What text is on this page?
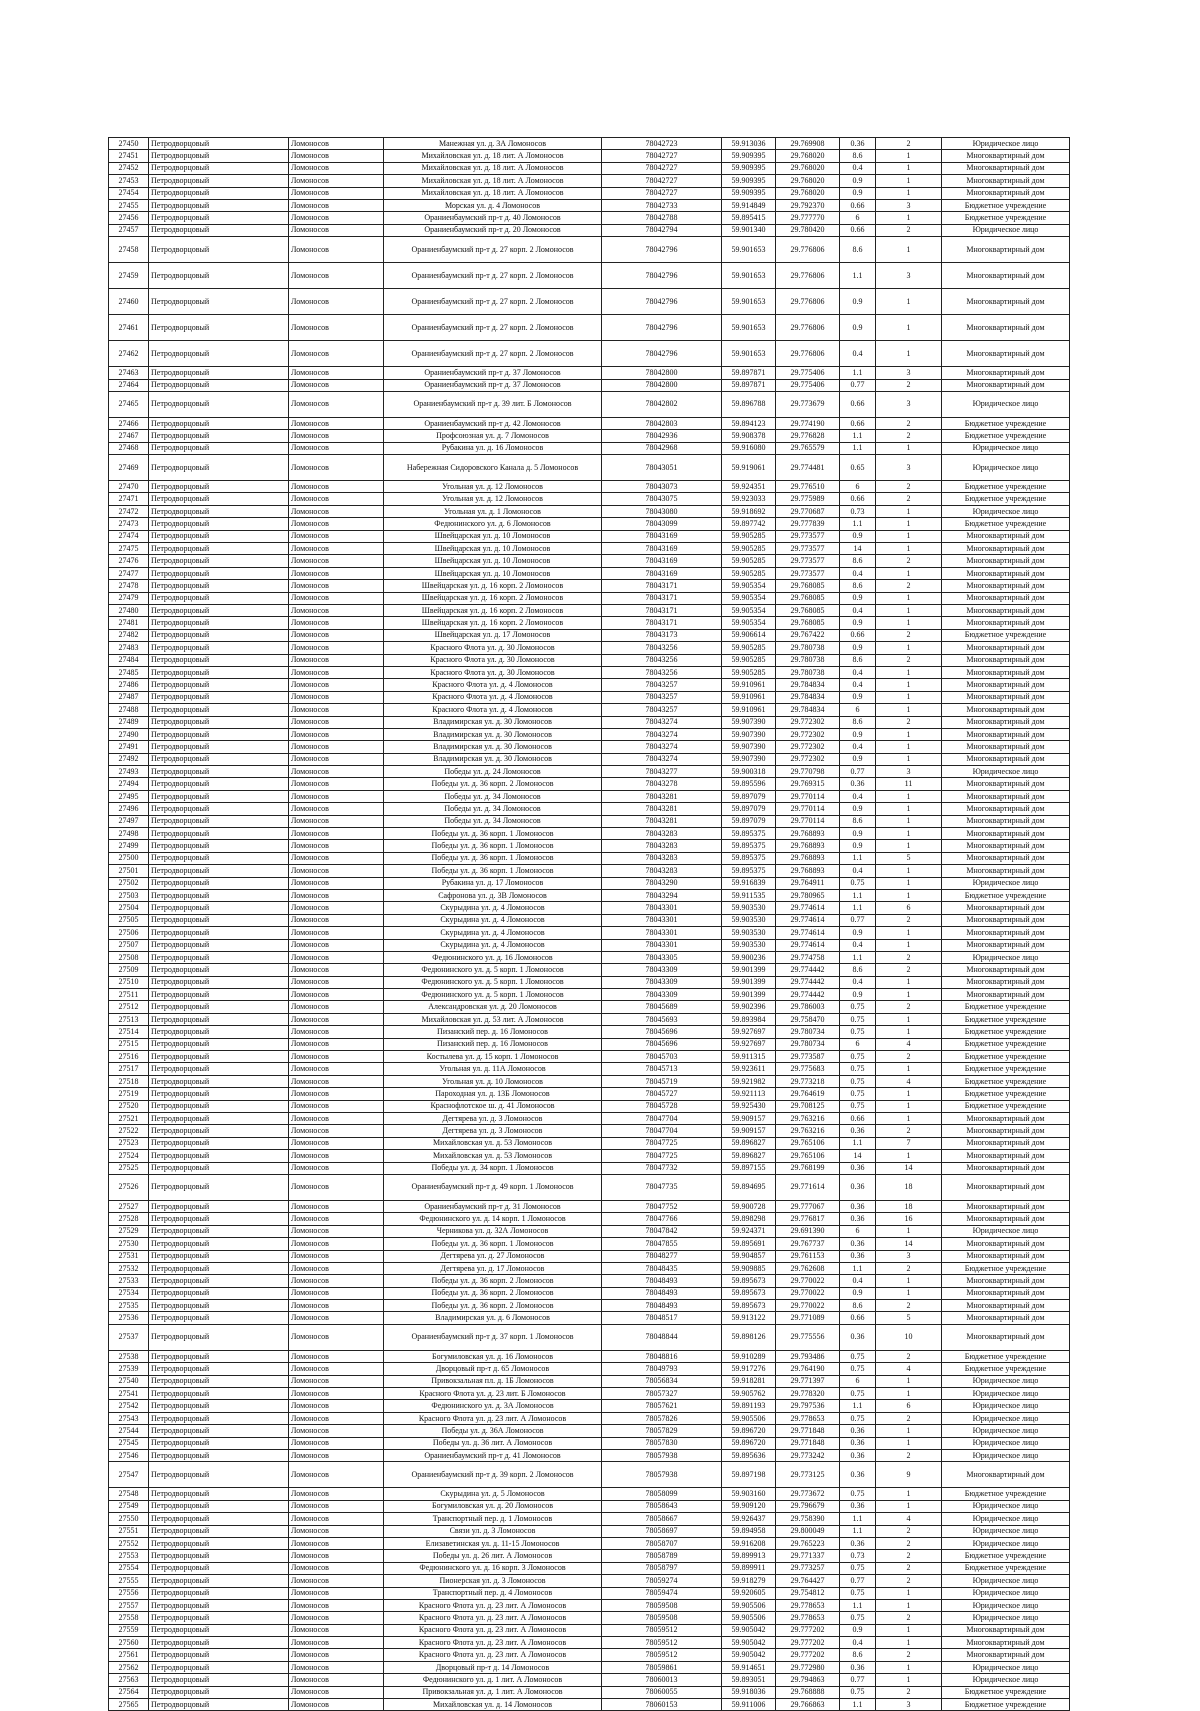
27450	Петродворцовый	Ломоносов	Манежная ул. д. 3А Ломоносов	78042723	59.913036	29.769908	0.36	2	Юридическое лицо
27451	Петродворцовый	Ломоносов	Михайловская ул. д. 18 лит. А Ломоносов	78042727	59.909395	29.768020	8.6	1	Многоквартирный дом
27452	Петродворцовый	Ломоносов	Михайловская ул. д. 18 лит. А Ломоносов	78042727	59.909395	29.768020	0.4	1	Многоквартирный дом
27453	Петродворцовый	Ломоносов	Михайловская ул. д. 18 лит. А Ломоносов	78042727	59.909395	29.768020	0.9	1	Многоквартирный дом
27454	Петродворцовый	Ломоносов	Михайловская ул. д. 18 лит. А Ломоносов	78042727	59.909395	29.768020	0.9	1	Многоквартирный дом
27455	Петродворцовый	Ломоносов	Морская ул. д. 4 Ломоносов	78042733	59.914849	29.792370	0.66	3	Бюджетное учреждение
27456	Петродворцовый	Ломоносов	Ораниенбаумский пр-т д. 40 Ломоносов	78042788	59.895415	29.777770	6	1	Бюджетное учреждение
27457	Петродворцовый	Ломоносов	Ораниенбаумский пр-т д. 20 Ломоносов	78042794	59.901340	29.780420	0.66	2	Юридическое лицо
27458	Петродворцовый	Ломоносов	Ораниенбаумский пр-т д. 27 корп. 2 Ломоносов	78042796	59.901653	29.776806	8.6	1	Многоквартирный дом
27459	Петродворцовый	Ломоносов	Ораниенбаумский пр-т д. 27 корп. 2 Ломоносов	78042796	59.901653	29.776806	1.1	3	Многоквартирный дом
27460	Петродворцовый	Ломоносов	Ораниенбаумский пр-т д. 27 корп. 2 Ломоносов	78042796	59.901653	29.776806	0.9	1	Многоквартирный дом
27461	Петродворцовый	Ломоносов	Ораниенбаумский пр-т д. 27 корп. 2 Ломоносов	78042796	59.901653	29.776806	0.9	1	Многоквартирный дом
27462	Петродворцовый	Ломоносов	Ораниенбаумский пр-т д. 27 корп. 2 Ломоносов	78042796	59.901653	29.776806	0.4	1	Многоквартирный дом
27463	Петродворцовый	Ломоносов	Ораниенбаумский пр-т д. 37 Ломоносов	78042800	59.897871	29.775406	1.1	3	Многоквартирный дом
27464	Петродворцовый	Ломоносов	Ораниенбаумский пр-т д. 37 Ломоносов	78042800	59.897871	29.775406	0.77	2	Многоквартирный дом
27465	Петродворцовый	Ломоносов	Ораниенбаумский пр-т д. 39 лит. Б Ломоносов	78042802	59.896788	29.773679	0.66	3	Юридическое лицо
27466	Петродворцовый	Ломоносов	Ораниенбаумский пр-т д. 42 Ломоносов	78042803	59.894123	29.774190	0.66	2	Бюджетное учреждение
27467	Петродворцовый	Ломоносов	Профсоюзная ул. д. 7 Ломоносов	78042936	59.908378	29.776828	1.1	2	Бюджетное учреждение
27468	Петродворцовый	Ломоносов	Рубакина ул. д. 16 Ломоносов	78042968	59.916080	29.765579	1.1	1	Юридическое лицо
27469	Петродворцовый	Ломоносов	Набережная Сидоровского Канала д. 5 Ломоносов	78043051	59.919061	29.774481	0.65	3	Юридическое лицо
27470	Петродворцовый	Ломоносов	Угольная ул. д. 12 Ломоносов	78043073	59.924351	29.776510	6	2	Бюджетное учреждение
27471	Петродворцовый	Ломоносов	Угольная ул. д. 12 Ломоносов	78043075	59.923033	29.775989	0.66	2	Бюджетное учреждение
27472	Петродворцовый	Ломоносов	Угольная ул. д. 1 Ломоносов	78043080	59.918692	29.770687	0.73	1	Юридическое лицо
27473	Петродворцовый	Ломоносов	Федюнинского ул. д. 6 Ломоносов	78043099	59.897742	29.777839	1.1	1	Бюджетное учреждение
27474	Петродворцовый	Ломоносов	Швейцарская ул. д. 10 Ломоносов	78043169	59.905285	29.773577	0.9	1	Многоквартирный дом
27475	Петродворцовый	Ломоносов	Швейцарская ул. д. 10 Ломоносов	78043169	59.905285	29.773577	14	1	Многоквартирный дом
27476	Петродворцовый	Ломоносов	Швейцарская ул. д. 10 Ломоносов	78043169	59.905285	29.773577	8.6	2	Многоквартирный дом
27477	Петродворцовый	Ломоносов	Швейцарская ул. д. 10 Ломоносов	78043169	59.905285	29.773577	0.4	1	Многоквартирный дом
27478	Петродворцовый	Ломоносов	Швейцарская ул. д. 16 корп. 2 Ломоносов	78043171	59.905354	29.768085	8.6	2	Многоквартирный дом
27479	Петродворцовый	Ломоносов	Швейцарская ул. д. 16 корп. 2 Ломоносов	78043171	59.905354	29.768085	0.9	1	Многоквартирный дом
27480	Петродворцовый	Ломоносов	Швейцарская ул. д. 16 корп. 2 Ломоносов	78043171	59.905354	29.768085	0.4	1	Многоквартирный дом
27481	Петродворцовый	Ломоносов	Швейцарская ул. д. 16 корп. 2 Ломоносов	78043171	59.905354	29.768085	0.9	1	Многоквартирный дом
27482	Петродворцовый	Ломоносов	Швейцарская ул. д. 17 Ломоносов	78043173	59.906614	29.767422	0.66	2	Бюджетное учреждение
27483	Петродворцовый	Ломоносов	Красного Флота ул. д. 30 Ломоносов	78043256	59.905285	29.780738	0.9	1	Многоквартирный дом
27484	Петродворцовый	Ломоносов	Красного Флота ул. д. 30 Ломоносов	78043256	59.905285	29.780738	8.6	2	Многоквартирный дом
27485	Петродворцовый	Ломоносов	Красного Флота ул. д. 30 Ломоносов	78043256	59.905285	29.780738	0.4	1	Многоквартирный дом
27486	Петродворцовый	Ломоносов	Красного Флота ул. д. 4 Ломоносов	78043257	59.910961	29.784834	0.4	1	Многоквартирный дом
27487	Петродворцовый	Ломоносов	Красного Флота ул. д. 4 Ломоносов	78043257	59.910961	29.784834	0.9	1	Многоквартирный дом
27488	Петродворцовый	Ломоносов	Красного Флота ул. д. 4 Ломоносов	78043257	59.910961	29.784834	6	1	Многоквартирный дом
27489	Петродворцовый	Ломоносов	Владимирская ул. д. 30 Ломоносов	78043274	59.907390	29.772302	8.6	2	Многоквартирный дом
27490	Петродворцовый	Ломоносов	Владимирская ул. д. 30 Ломоносов	78043274	59.907390	29.772302	0.9	1	Многоквартирный дом
27491	Петродворцовый	Ломоносов	Владимирская ул. д. 30 Ломоносов	78043274	59.907390	29.772302	0.4	1	Многоквартирный дом
27492	Петродворцовый	Ломоносов	Владимирская ул. д. 30 Ломоносов	78043274	59.907390	29.772302	0.9	1	Многоквартирный дом
27493	Петродворцовый	Ломоносов	Победы ул. д. 24 Ломоносов	78043277	59.900318	29.770798	0.77	3	Юридическое лицо
27494	Петродворцовый	Ломоносов	Победы ул. д. 36 корп. 2 Ломоносов	78043278	59.895596	29.769315	0.36	11	Многоквартирный дом
27495	Петродворцовый	Ломоносов	Победы ул. д. 34 Ломоносов	78043281	59.897079	29.770114	0.4	1	Многоквартирный дом
27496	Петродворцовый	Ломоносов	Победы ул. д. 34 Ломоносов	78043281	59.897079	29.770114	0.9	1	Многоквартирный дом
27497	Петродворцовый	Ломоносов	Победы ул. д. 34 Ломоносов	78043281	59.897079	29.770114	8.6	1	Многоквартирный дом
27498	Петродворцовый	Ломоносов	Победы ул. д. 36 корп. 1 Ломоносов	78043283	59.895375	29.768893	0.9	1	Многоквартирный дом
27499	Петродворцовый	Ломоносов	Победы ул. д. 36 корп. 1 Ломоносов	78043283	59.895375	29.768893	0.9	1	Многоквартирный дом
27500	Петродворцовый	Ломоносов	Победы ул. д. 36 корп. 1 Ломоносов	78043283	59.895375	29.768893	1.1	5	Многоквартирный дом
27501	Петродворцовый	Ломоносов	Победы ул. д. 36 корп. 1 Ломоносов	78043283	59.895375	29.768893	0.4	1	Многоквартирный дом
27502	Петродворцовый	Ломоносов	Рубакина ул. д. 17 Ломоносов	78043290	59.916839	29.764911	0.75	1	Юридическое лицо
27503	Петродворцовый	Ломоносов	Сафронова ул. д. 3В Ломоносов	78043294	59.911535	29.780965	1.1	1	Бюджетное учреждение
27504	Петродворцовый	Ломоносов	Скурыдина ул. д. 4 Ломоносов	78043301	59.903530	29.774614	1.1	6	Многоквартирный дом
27505	Петродворцовый	Ломоносов	Скурыдина ул. д. 4 Ломоносов	78043301	59.903530	29.774614	0.77	2	Многоквартирный дом
27506	Петродворцовый	Ломоносов	Скурыдина ул. д. 4 Ломоносов	78043301	59.903530	29.774614	0.9	1	Многоквартирный дом
27507	Петродворцовый	Ломоносов	Скурыдина ул. д. 4 Ломоносов	78043301	59.903530	29.774614	0.4	1	Многоквартирный дом
27508	Петродворцовый	Ломоносов	Федюнинского ул. д. 16 Ломоносов	78043305	59.900236	29.774758	1.1	2	Юридическое лицо
27509	Петродворцовый	Ломоносов	Федюнинского ул. д. 5 корп. 1 Ломоносов	78043309	59.901399	29.774442	8.6	2	Многоквартирный дом
27510	Петродворцовый	Ломоносов	Федюнинского ул. д. 5 корп. 1 Ломоносов	78043309	59.901399	29.774442	0.4	1	Многоквартирный дом
27511	Петродворцовый	Ломоносов	Федюнинского ул. д. 5 корп. 1 Ломоносов	78043309	59.901399	29.774442	0.9	1	Многоквартирный дом
27512	Петродворцовый	Ломоносов	Александровская ул. д. 20 Ломоносов	78045689	59.902396	29.786003	0.75	2	Бюджетное учреждение
27513	Петродворцовый	Ломоносов	Михайловская ул. д. 53 лит. А Ломоносов	78045693	59.893984	29.758470	0.75	1	Бюджетное учреждение
27514	Петродворцовый	Ломоносов	Пизанский пер. д. 16 Ломоносов	78045696	59.927697	29.780734	0.75	1	Бюджетное учреждение
27515	Петродворцовый	Ломоносов	Пизанский пер. д. 16 Ломоносов	78045696	59.927697	29.780734	6	4	Бюджетное учреждение
27516	Петродворцовый	Ломоносов	Костылева ул. д. 15 корп. 1 Ломоносов	78045703	59.911315	29.773587	0.75	2	Бюджетное учреждение
27517	Петродворцовый	Ломоносов	Угольная ул. д. 11А Ломоносов	78045713	59.923611	29.775683	0.75	1	Бюджетное учреждение
27518	Петродворцовый	Ломоносов	Угольная ул. д. 10 Ломоносов	78045719	59.921982	29.773218	0.75	4	Бюджетное учреждение
27519	Петродворцовый	Ломоносов	Пароходная ул. д. 13Б Ломоносов	78045727	59.921113	29.764619	0.75	1	Бюджетное учреждение
27520	Петродворцовый	Ломоносов	Краснофлотское ш. д. 41 Ломоносов	78045728	59.925430	29.708125	0.75	1	Бюджетное учреждение
27521	Петродворцовый	Ломоносов	Дегтярева ул. д. 3 Ломоносов	78047704	59.909157	29.763216	0.66	1	Многоквартирный дом
27522	Петродворцовый	Ломоносов	Дегтярева ул. д. 3 Ломоносов	78047704	59.909157	29.763216	0.36	2	Многоквартирный дом
27523	Петродворцовый	Ломоносов	Михайловская ул. д. 53 Ломоносов	78047725	59.896827	29.765106	1.1	7	Многоквартирный дом
27524	Петродворцовый	Ломоносов	Михайловская ул. д. 53 Ломоносов	78047725	59.896827	29.765106	14	1	Многоквартирный дом
27525	Петродворцовый	Ломоносов	Победы ул. д. 34 корп. 1 Ломоносов	78047732	59.897155	29.768199	0.36	14	Многоквартирный дом
27526	Петродворцовый	Ломоносов	Ораниенбаумский пр-т д. 49 корп. 1 Ломоносов	78047735	59.894695	29.771614	0.36	18	Многоквартирный дом
27527	Петродворцовый	Ломоносов	Ораниенбаумский пр-т д. 31 Ломоносов	78047752	59.900728	29.777067	0.36	18	Многоквартирный дом
27528	Петродворцовый	Ломоносов	Федюнинского ул. д. 14 корп. 1 Ломоносов	78047766	59.898298	29.776817	0.36	16	Многоквартирный дом
27529	Петродворцовый	Ломоносов	Черникова ул. д. 32А Ломоносов	78047842	59.924371	29.691390	6	1	Юридическое лицо
27530	Петродворцовый	Ломоносов	Победы ул. д. 36 корп. 1 Ломоносов	78047855	59.895691	29.767737	0.36	14	Многоквартирный дом
27531	Петродворцовый	Ломоносов	Дегтярева ул. д. 27 Ломоносов	78048277	59.904857	29.761153	0.36	3	Многоквартирный дом
27532	Петродворцовый	Ломоносов	Дегтярева ул. д. 17 Ломоносов	78048435	59.909885	29.762608	1.1	2	Бюджетное учреждение
27533	Петродворцовый	Ломоносов	Победы ул. д. 36 корп. 2 Ломоносов	78048493	59.895673	29.770022	0.4	1	Многоквартирный дом
27534	Петродворцовый	Ломоносов	Победы ул. д. 36 корп. 2 Ломоносов	78048493	59.895673	29.770022	0.9	1	Многоквартирный дом
27535	Петродворцовый	Ломоносов	Победы ул. д. 36 корп. 2 Ломоносов	78048493	59.895673	29.770022	8.6	2	Многоквартирный дом
27536	Петродворцовый	Ломоносов	Владимирская ул. д. 6 Ломоносов	78048517	59.913122	29.771089	0.66	5	Многоквартирный дом
27537	Петродворцовый	Ломоносов	Ораниенбаумский пр-т д. 37 корп. 1 Ломоносов	78048844	59.898126	29.775556	0.36	10	Многоквартирный дом
27538	Петродворцовый	Ломоносов	Богумиловская ул. д. 16 Ломоносов	78048816	59.910289	29.793486	0.75	2	Бюджетное учреждение
27539	Петродворцовый	Ломоносов	Дворцовый пр-т д. 65 Ломоносов	78049793	59.917276	29.764190	0.75	4	Бюджетное учреждение
27540	Петродворцовый	Ломоносов	Привокзальная пл. д. 1Б Ломоносов	78056834	59.918281	29.771397	6	1	Юридическое лицо
27541	Петродворцовый	Ломоносов	Красного Флота ул. д. 23 лит. Б Ломоносов	78057327	59.905762	29.778320	0.75	1	Юридическое лицо
27542	Петродворцовый	Ломоносов	Федюнинского ул. д. 3А Ломоносов	78057621	59.891193	29.797536	1.1	6	Юридическое лицо
27543	Петродворцовый	Ломоносов	Красного Флота ул. д. 23 лит. А Ломоносов	78057826	59.905506	29.778653	0.75	2	Юридическое лицо
27544	Петродворцовый	Ломоносов	Победы ул. д. 36А Ломоносов	78057829	59.896720	29.771848	0.36	1	Юридическое лицо
27545	Петродворцовый	Ломоносов	Победы ул. д. 36 лит. А Ломоносов	78057830	59.896720	29.771848	0.36	1	Юридическое лицо
27546	Петродворцовый	Ломоносов	Ораниенбаумский пр-т д. 41 Ломоносов	78057938	59.895636	29.773242	0.36	2	Юридическое лицо
27547	Петродворцовый	Ломоносов	Ораниенбаумский пр-т д. 39 корп. 2 Ломоносов	78057938	59.897198	29.773125	0.36	9	Многоквартирный дом
27548	Петродворцовый	Ломоносов	Скурыдина ул. д. 5 Ломоносов	78058099	59.903160	29.773672	0.75	1	Бюджетное учреждение
27549	Петродворцовый	Ломоносов	Богумиловская ул. д. 20 Ломоносов	78058643	59.909120	29.796679	0.36	1	Юридическое лицо
27550	Петродворцовый	Ломоносов	Транспортный пер. д. 1 Ломоносов	78058667	59.926437	29.758390	1.1	4	Юридическое лицо
27551	Петродворцовый	Ломоносов	Связи ул. д. 3 Ломоносов	78058697	59.894958	29.800049	1.1	2	Юридическое лицо
27552	Петродворцовый	Ломоносов	Елизаветинская ул. д. 11-15 Ломоносов	78058707	59.916208	29.765223	0.36	2	Юридическое лицо
27553	Петродворцовый	Ломоносов	Победы ул. д. 26 лит. А Ломоносов	78058789	59.899913	29.771337	0.73	2	Бюджетное учреждение
27554	Петродворцовый	Ломоносов	Федюнинского ул. д. 16 корп. 3 Ломоносов	78058797	59.899911	29.773257	0.75	2	Бюджетное учреждение
27555	Петродворцовый	Ломоносов	Пионерская ул. д. 3 Ломоносов	78059274	59.918279	29.764427	0.77	2	Юридическое лицо
27556	Петродворцовый	Ломоносов	Транспортный пер. д. 4 Ломоносов	78059474	59.920605	29.754812	0.75	1	Юридическое лицо
27557	Петродворцовый	Ломоносов	Красного Флота ул. д. 23 лит. А Ломоносов	78059508	59.905506	29.778653	1.1	1	Юридическое лицо
27558	Петродворцовый	Ломоносов	Красного Флота ул. д. 23 лит. А Ломоносов	78059508	59.905506	29.778653	0.75	2	Юридическое лицо
27559	Петродворцовый	Ломоносов	Красного Флота ул. д. 23 лит. А Ломоносов	78059512	59.905042	29.777202	0.9	1	Многоквартирный дом
27560	Петродворцовый	Ломоносов	Красного Флота ул. д. 23 лит. А Ломоносов	78059512	59.905042	29.777202	0.4	1	Многоквартирный дом
27561	Петродворцовый	Ломоносов	Красного Флота ул. д. 23 лит. А Ломоносов	78059512	59.905042	29.777202	8.6	2	Многоквартирный дом
27562	Петродворцовый	Ломоносов	Дворцовый пр-т д. 14 Ломоносов	78059861	59.914651	29.772980	0.36	1	Юридическое лицо
27563	Петродворцовый	Ломоносов	Федюнинского ул. д. 1 лит. А Ломоносов	78060013	59.893051	29.794863	0.77	1	Юридическое лицо
27564	Петродворцовый	Ломоносов	Привокзальная ул. д. 1 лит. А Ломоносов	78060055	59.918036	29.768888	0.75	2	Бюджетное учреждение
27565	Петродворцовый	Ломоносов	Михайловская ул. д. 14 Ломоносов	78060153	59.911006	29.766863	1.1	3	Бюджетное учреждение
